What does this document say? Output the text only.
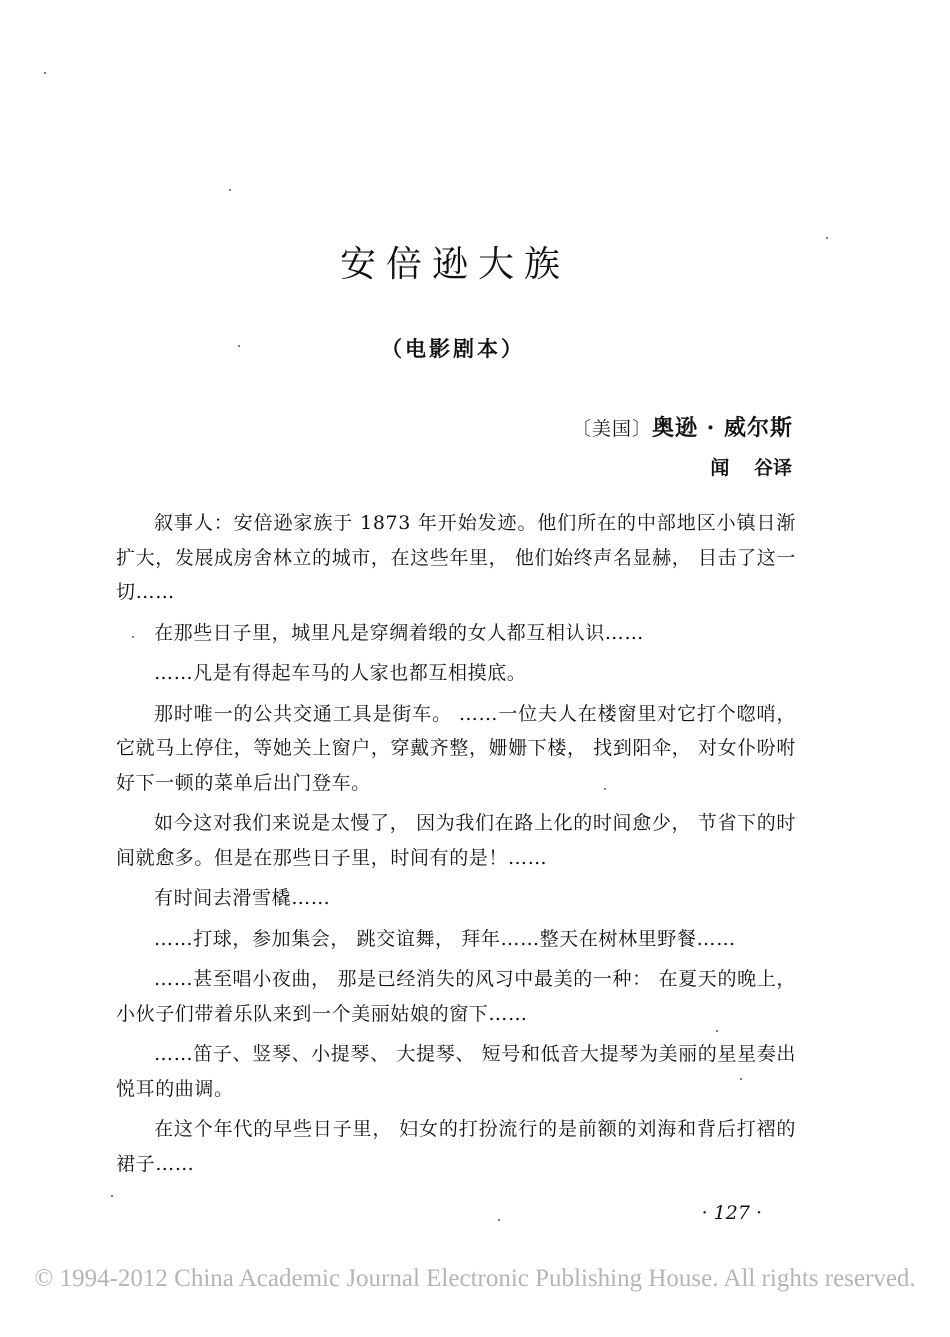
安倍逊大族
（电影剧本）
〔美国〕奥逊 · 威尔斯
闻 谷译

叙事人：安倍逊家族于 1873 年开始发迹。他们所在的中部地区小镇日渐扩大，发展成房舍林立的城市，在这些年里， 他们始终声名显赫， 目击了这一切……

在那些日子里，城里凡是穿绸着缎的女人都互相认识……

……凡是有得起车马的人家也都互相摸底。

那时唯一的公共交通工具是街车。 ……一位夫人在楼窗里对它打个唿哨，它就马上停住，等她关上窗户，穿戴齐整，姗姗下楼， 找到阳伞， 对女仆吩咐好下一顿的菜单后出门登车。

如今这对我们来说是太慢了， 因为我们在路上化的时间愈少， 节省下的时间就愈多。但是在那些日子里，时间有的是！……

有时间去滑雪橇……

……打球，参加集会， 跳交谊舞， 拜年……整天在树林里野餐……

……甚至唱小夜曲， 那是已经消失的风习中最美的一种： 在夏天的晚上，小伙子们带着乐队来到一个美丽姑娘的窗下……

……笛子、竖琴、小提琴、 大提琴、 短号和低音大提琴为美丽的星星奏出悦耳的曲调。

在这个年代的早些日子里， 妇女的打扮流行的是前额的刘海和背后打褶的裙子……

· 127 ·
© 1994-2012 China Academic Journal Electronic Publishing House. All rights reserved.
